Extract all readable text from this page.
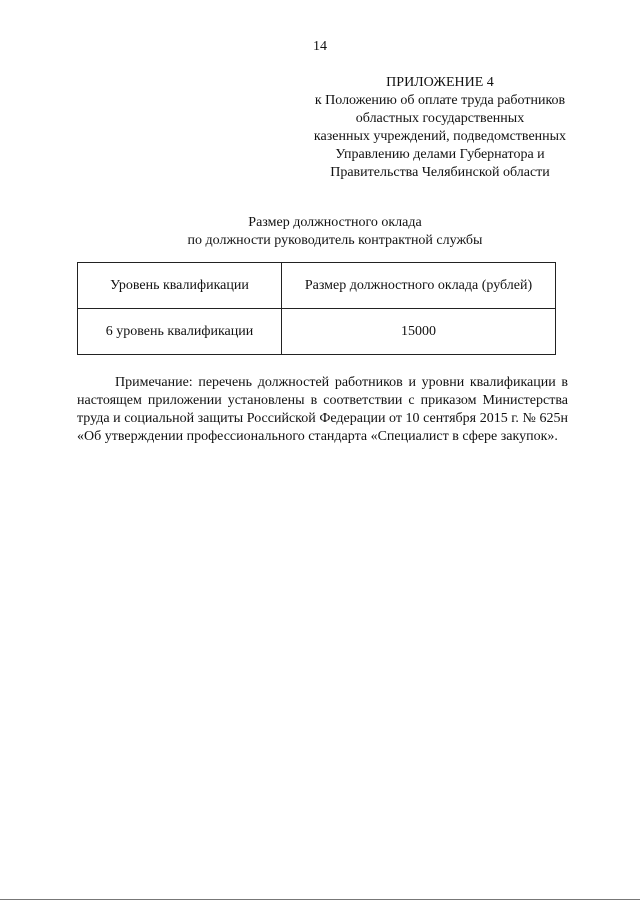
14
ПРИЛОЖЕНИЕ 4
к Положению об оплате труда работников
областных государственных
казенных учреждений, подведомственных
Управлению делами Губернатора и
Правительства Челябинской области
Размер должностного оклада
по должности руководитель контрактной службы
Уровень квалификации	Размер должностного оклада (рублей)
6 уровень квалификации	15000
Примечание: перечень должностей работников и уровни квалификации в настоящем приложении установлены в соответствии с приказом Министерства труда и социальной защиты Российской Федерации от 10 сентября 2015 г. № 625н «Об утверждении профессионального стандарта «Специалист в сфере закупок».
